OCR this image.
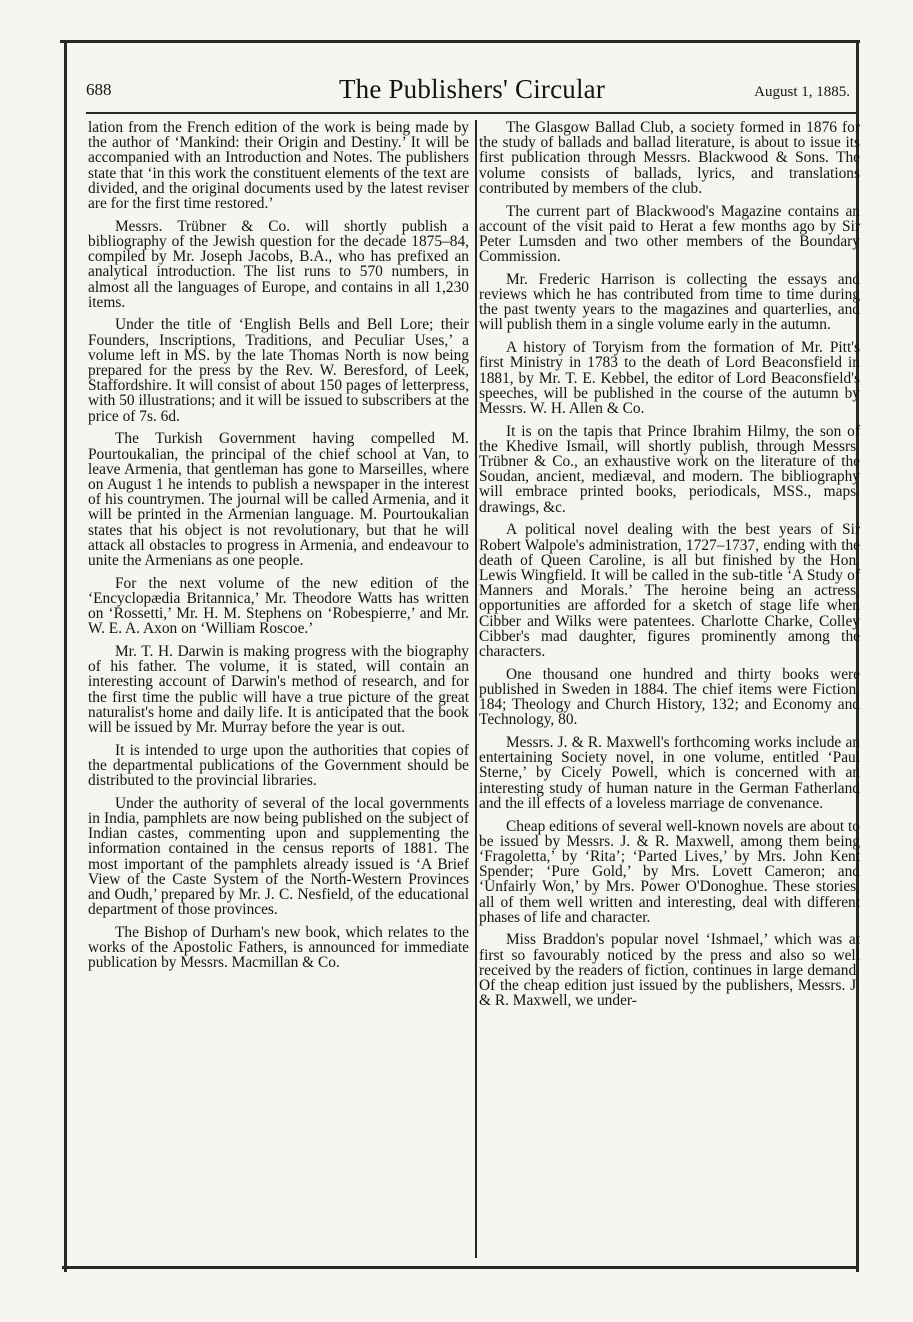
688	The Publishers' Circular	August 1, 1885.

lation from the French edition of the work is being made by the author of ‘Mankind: their Origin and Destiny.’ It will be accompanied with an Introduction and Notes. The publishers state that ‘in this work the constituent elements of the text are divided, and the original documents used by the latest reviser are for the first time restored.’

Messrs. Trübner & Co. will shortly publish a bibliography of the Jewish question for the decade 1875–84, compiled by Mr. Joseph Jacobs, B.A., who has prefixed an analytical introduction. The list runs to 570 numbers, in almost all the languages of Europe, and contains in all 1,230 items.

Under the title of ‘English Bells and Bell Lore; their Founders, Inscriptions, Traditions, and Peculiar Uses,’ a volume left in MS. by the late Thomas North is now being prepared for the press by the Rev. W. Beresford, of Leek, Staffordshire. It will consist of about 150 pages of letterpress, with 50 illustrations; and it will be issued to subscribers at the price of 7s. 6d.

The Turkish Government having compelled M. Pourtoukalian, the principal of the chief school at Van, to leave Armenia, that gentleman has gone to Marseilles, where on August 1 he intends to publish a newspaper in the interest of his countrymen. The journal will be called Armenia, and it will be printed in the Armenian language. M. Pourtoukalian states that his object is not revolutionary, but that he will attack all obstacles to progress in Armenia, and endeavour to unite the Armenians as one people.

For the next volume of the new edition of the ‘Encyclopædia Britannica,’ Mr. Theodore Watts has written on ‘Rossetti,’ Mr. H. M. Stephens on ‘Robespierre,’ and Mr. W. E. A. Axon on ‘William Roscoe.’

Mr. T. H. Darwin is making progress with the biography of his father. The volume, it is stated, will contain an interesting account of Darwin's method of research, and for the first time the public will have a true picture of the great naturalist's home and daily life. It is anticipated that the book will be issued by Mr. Murray before the year is out.

It is intended to urge upon the authorities that copies of the departmental publications of the Government should be distributed to the provincial libraries.

Under the authority of several of the local governments in India, pamphlets are now being published on the subject of Indian castes, commenting upon and supplementing the information contained in the census reports of 1881. The most important of the pamphlets already issued is ‘A Brief View of the Caste System of the North-Western Provinces and Oudh,’ prepared by Mr. J. C. Nesfield, of the educational department of those provinces.

The Bishop of Durham's new book, which relates to the works of the Apostolic Fathers, is announced for immediate publication by Messrs. Macmillan & Co.

The Glasgow Ballad Club, a society formed in 1876 for the study of ballads and ballad literature, is about to issue its first publication through Messrs. Blackwood & Sons. The volume consists of ballads, lyrics, and translations contributed by members of the club.

The current part of Blackwood's Magazine contains an account of the visit paid to Herat a few months ago by Sir Peter Lumsden and two other members of the Boundary Commission.

Mr. Frederic Harrison is collecting the essays and reviews which he has contributed from time to time during the past twenty years to the magazines and quarterlies, and will publish them in a single volume early in the autumn.

A history of Toryism from the formation of Mr. Pitt's first Ministry in 1783 to the death of Lord Beaconsfield in 1881, by Mr. T. E. Kebbel, the editor of Lord Beaconsfield's speeches, will be published in the course of the autumn by Messrs. W. H. Allen & Co.

It is on the tapis that Prince Ibrahim Hilmy, the son of the Khedive Ismail, will shortly publish, through Messrs. Trübner & Co., an exhaustive work on the literature of the Soudan, ancient, mediæval, and modern. The bibliography will embrace printed books, periodicals, MSS., maps, drawings, &c.

A political novel dealing with the best years of Sir Robert Walpole's administration, 1727–1737, ending with the death of Queen Caroline, is all but finished by the Hon. Lewis Wingfield. It will be called in the sub-title ‘A Study of Manners and Morals.’ The heroine being an actress, opportunities are afforded for a sketch of stage life when Cibber and Wilks were patentees. Charlotte Charke, Colley Cibber's mad daughter, figures prominently among the characters.

One thousand one hundred and thirty books were published in Sweden in 1884. The chief items were Fiction, 184; Theology and Church History, 132; and Economy and Technology, 80.

Messrs. J. & R. Maxwell's forthcoming works include an entertaining Society novel, in one volume, entitled ‘Paul Sterne,’ by Cicely Powell, which is concerned with an interesting study of human nature in the German Fatherland and the ill effects of a loveless marriage de convenance.

Cheap editions of several well-known novels are about to be issued by Messrs. J. & R. Maxwell, among them being ‘Fragoletta,’ by ‘Rita’; ‘Parted Lives,’ by Mrs. John Kent Spender; ‘Pure Gold,’ by Mrs. Lovett Cameron; and ‘Unfairly Won,’ by Mrs. Power O'Donoghue. These stories, all of them well written and interesting, deal with different phases of life and character.

Miss Braddon's popular novel ‘Ishmael,’ which was at first so favourably noticed by the press and also so well received by the readers of fiction, continues in large demand. Of the cheap edition just issued by the publishers, Messrs. J. & R. Maxwell, we under-
